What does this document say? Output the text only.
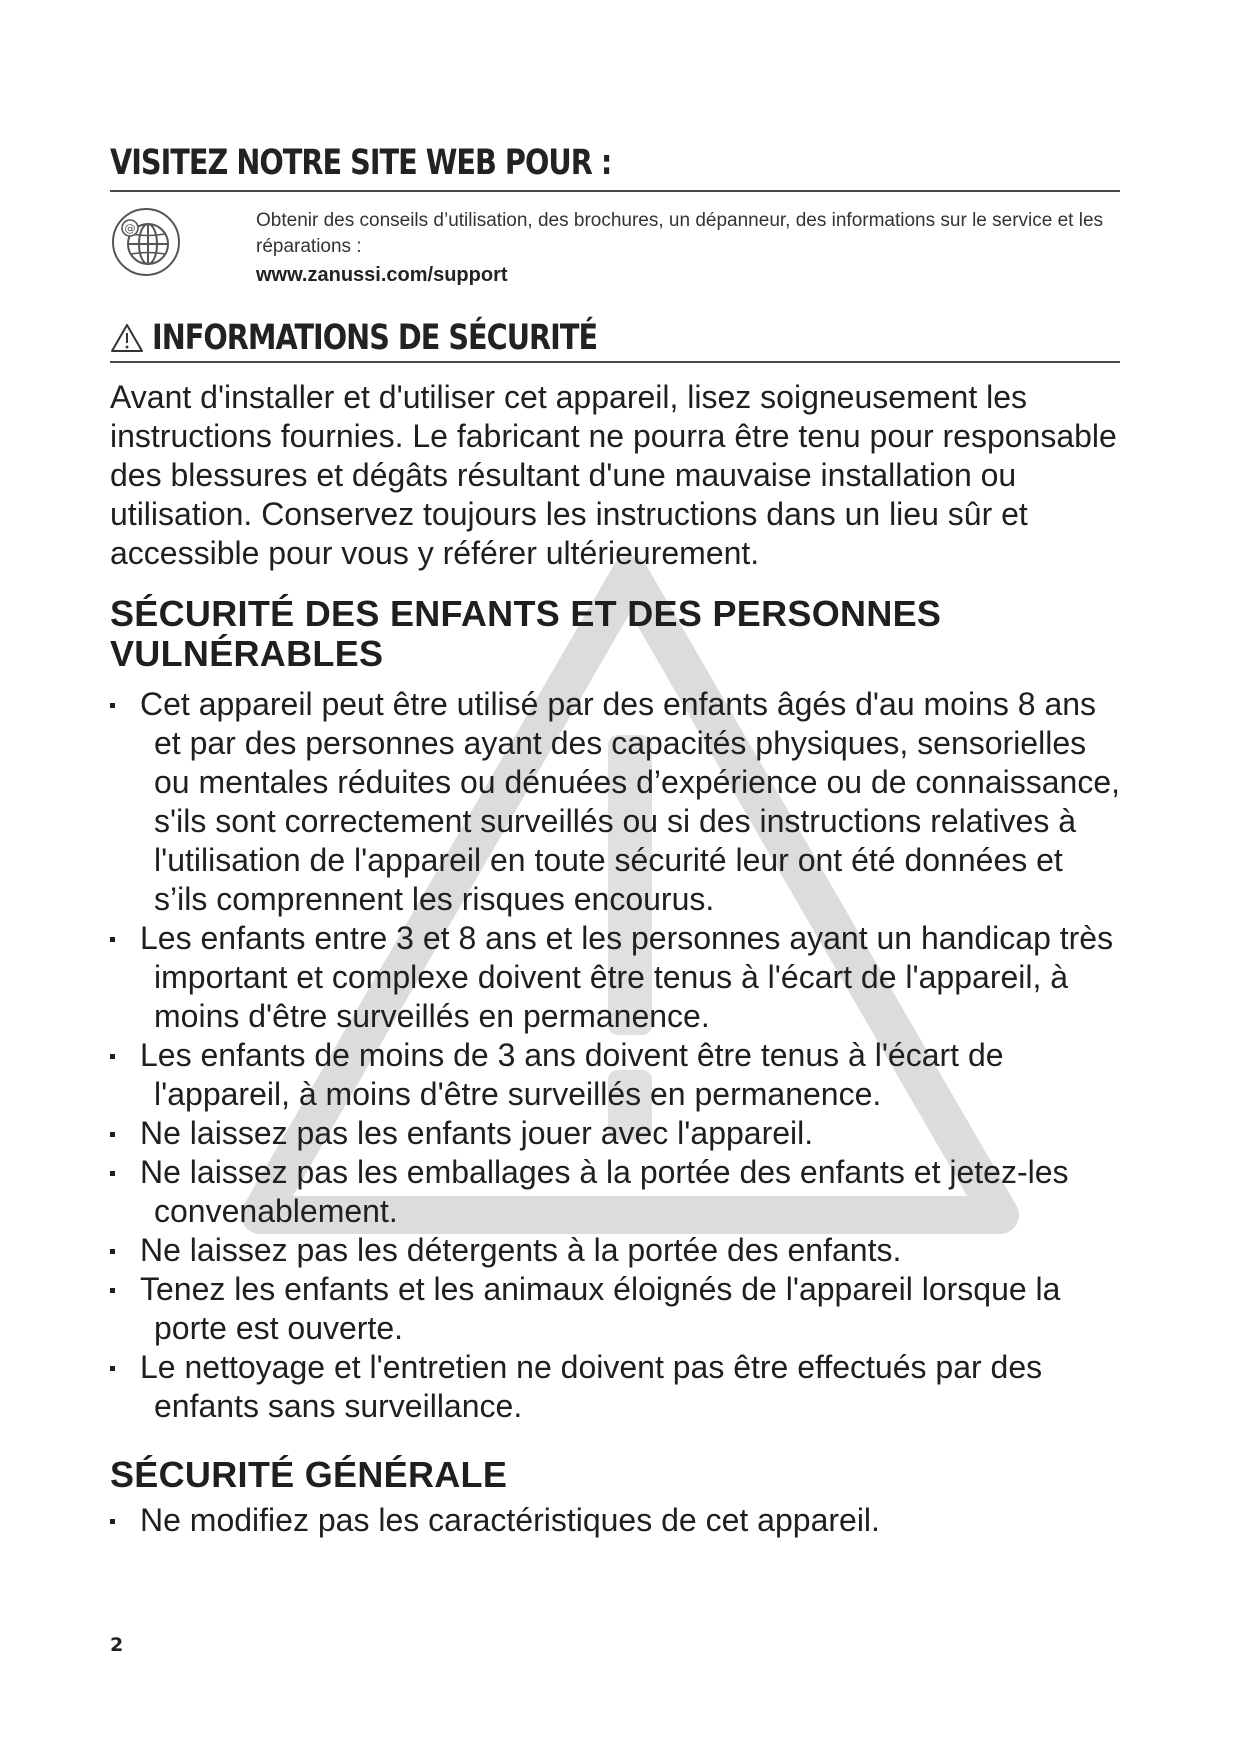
VISITEZ NOTRE SITE WEB POUR :
@	Obtenir des conseils d’utilisation, des brochures, un dépanneur, des informations sur le service et les réparations :
www.zanussi.com/support
INFORMATIONS DE SÉCURITÉ

Avant d'installer et d'utiliser cet appareil, lisez soigneusement les instructions fournies. Le fabricant ne pourra être tenu pour responsable des blessures et dégâts résultant d'une mauvaise installation ou utilisation. Conservez toujours les instructions dans un lieu sûr et accessible pour vous y référer ultérieurement.

SÉCURITÉ DES ENFANTS ET DES PERSONNES VULNÉRABLES
Cet appareil peut être utilisé par des enfants âgés d'au moins 8 ans et par des personnes ayant des capacités physiques, sensorielles ou mentales réduites ou dénuées d’expérience ou de connaissance, s'ils sont correctement surveillés ou si des instructions relatives à l'utilisation de l'appareil en toute sécurité leur ont été données et s’ils comprennent les risques encourus.
Les enfants entre 3 et 8 ans et les personnes ayant un handicap très important et complexe doivent être tenus à l'écart de l'appareil, à moins d'être surveillés en permanence.
Les enfants de moins de 3 ans doivent être tenus à l'écart de l'appareil, à moins d'être surveillés en permanence.
Ne laissez pas les enfants jouer avec l'appareil.
Ne laissez pas les emballages à la portée des enfants et jetez-les convenablement.
Ne laissez pas les détergents à la portée des enfants.
Tenez les enfants et les animaux éloignés de l'appareil lorsque la porte est ouverte.
Le nettoyage et l'entretien ne doivent pas être effectués par des enfants sans surveillance.
SÉCURITÉ GÉNÉRALE
Ne modifiez pas les caractéristiques de cet appareil.
2
